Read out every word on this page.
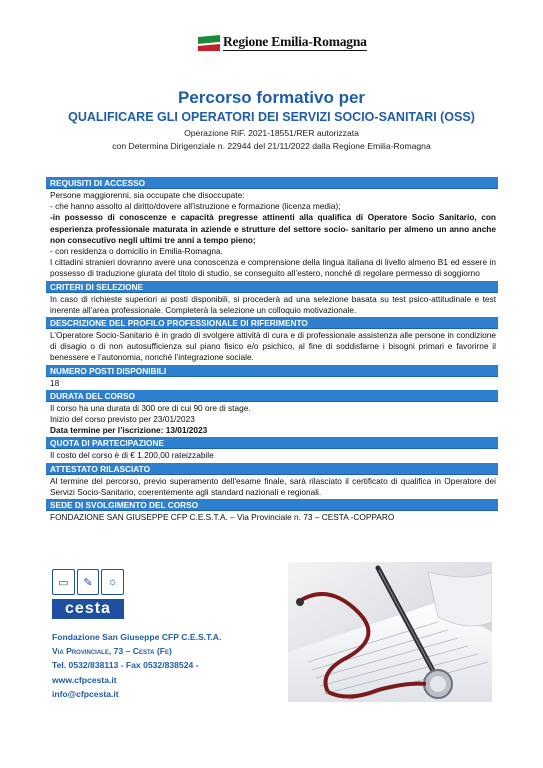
Regione Emilia-Romagna
Percorso formativo per
QUALIFICARE GLI OPERATORI DEI SERVIZI SOCIO-SANITARI (OSS)
Operazione RiF. 2021-18551/RER autorizzata
con Determina Dirigenziale n. 22944 del 21/11/2022 dalla Regione Emilia-Romagna
REQUISITI DI ACCESSO

Persone maggiorenni, sia occupate che disoccupate:

- che hanno assolto al diritto/dovere all’istruzione e formazione (licenza media);

-in possesso di conoscenze e capacità pregresse attinenti alla qualifica di Operatore Socio Sanitario, con esperienza professionale maturata in aziende e strutture del settore socio- sanitario per almeno un anno anche non consecutivo negli ultimi tre anni a tempo pieno;

- con residenza o domicilio in Emilia-Romagna.

I cittadini stranieri dovranno avere una conoscenza e comprensione della lingua italiana di livello almeno B1 ed essere in possesso di traduzione giurata del titolo di studio, se conseguito all’estero, nonché di regolare permesso di soggiorno

CRITERI DI SELEZIONE
In caso di richieste superiori ai posti disponibili, si procederà ad una selezione basata su test psico-attitudinale e test inerente all’area professionale. Completerà la selezione un colloquio motivazionale.
DESCRIZIONE DEL PROFILO PROFESSIONALE DI RIFERIMENTO
L’Operatore Socio-Sanitario è in grado di svolgere attività di cura e di professionale assistenza alle persone in condizione di disagio o di non autosufficienza sul piano fisico e/o psichico, al fine di soddisfarne i bisogni primari e favorirne il benessere e l’autonomia, nonché l’integrazione sociale.
NUMERO POSTI DISPONIBILI
18
DURATA DEL CORSO

Il corso ha una durata di 300 ore di cui 90 ore di stage.

Inizio del corso previsto per 23/01/2023

Data termine per l’iscrizione: 13/01/2023

QUOTA DI PARTECIPAZIONE
Il costo del corso è di € 1.200,00 rateizzabile
ATTESTATO RILASCIATO
Al termine del percorso, previo superamento dell'esame finale, sarà rilasciato il certificato di qualifica in Operatore dei Servizi Socio-Sanitario, coerentemente agli standard nazionali e regionali.
SEDE DI SVOLGIMENTO DEL CORSO
FONDAZIONE SAN GIUSEPPE CFP C.E.S.T.A. – Via Provinciale n. 73 – CESTA -COPPARO
▭	✎	☼
cesta
Fondazione San Giuseppe CFP C.E.S.T.A.
Via Provinciale, 73 – Cesta (Fe)
Tel. 0532/838113 - Fax 0532/838524 -
www.cfpcesta.it
info@cfpcesta.it
